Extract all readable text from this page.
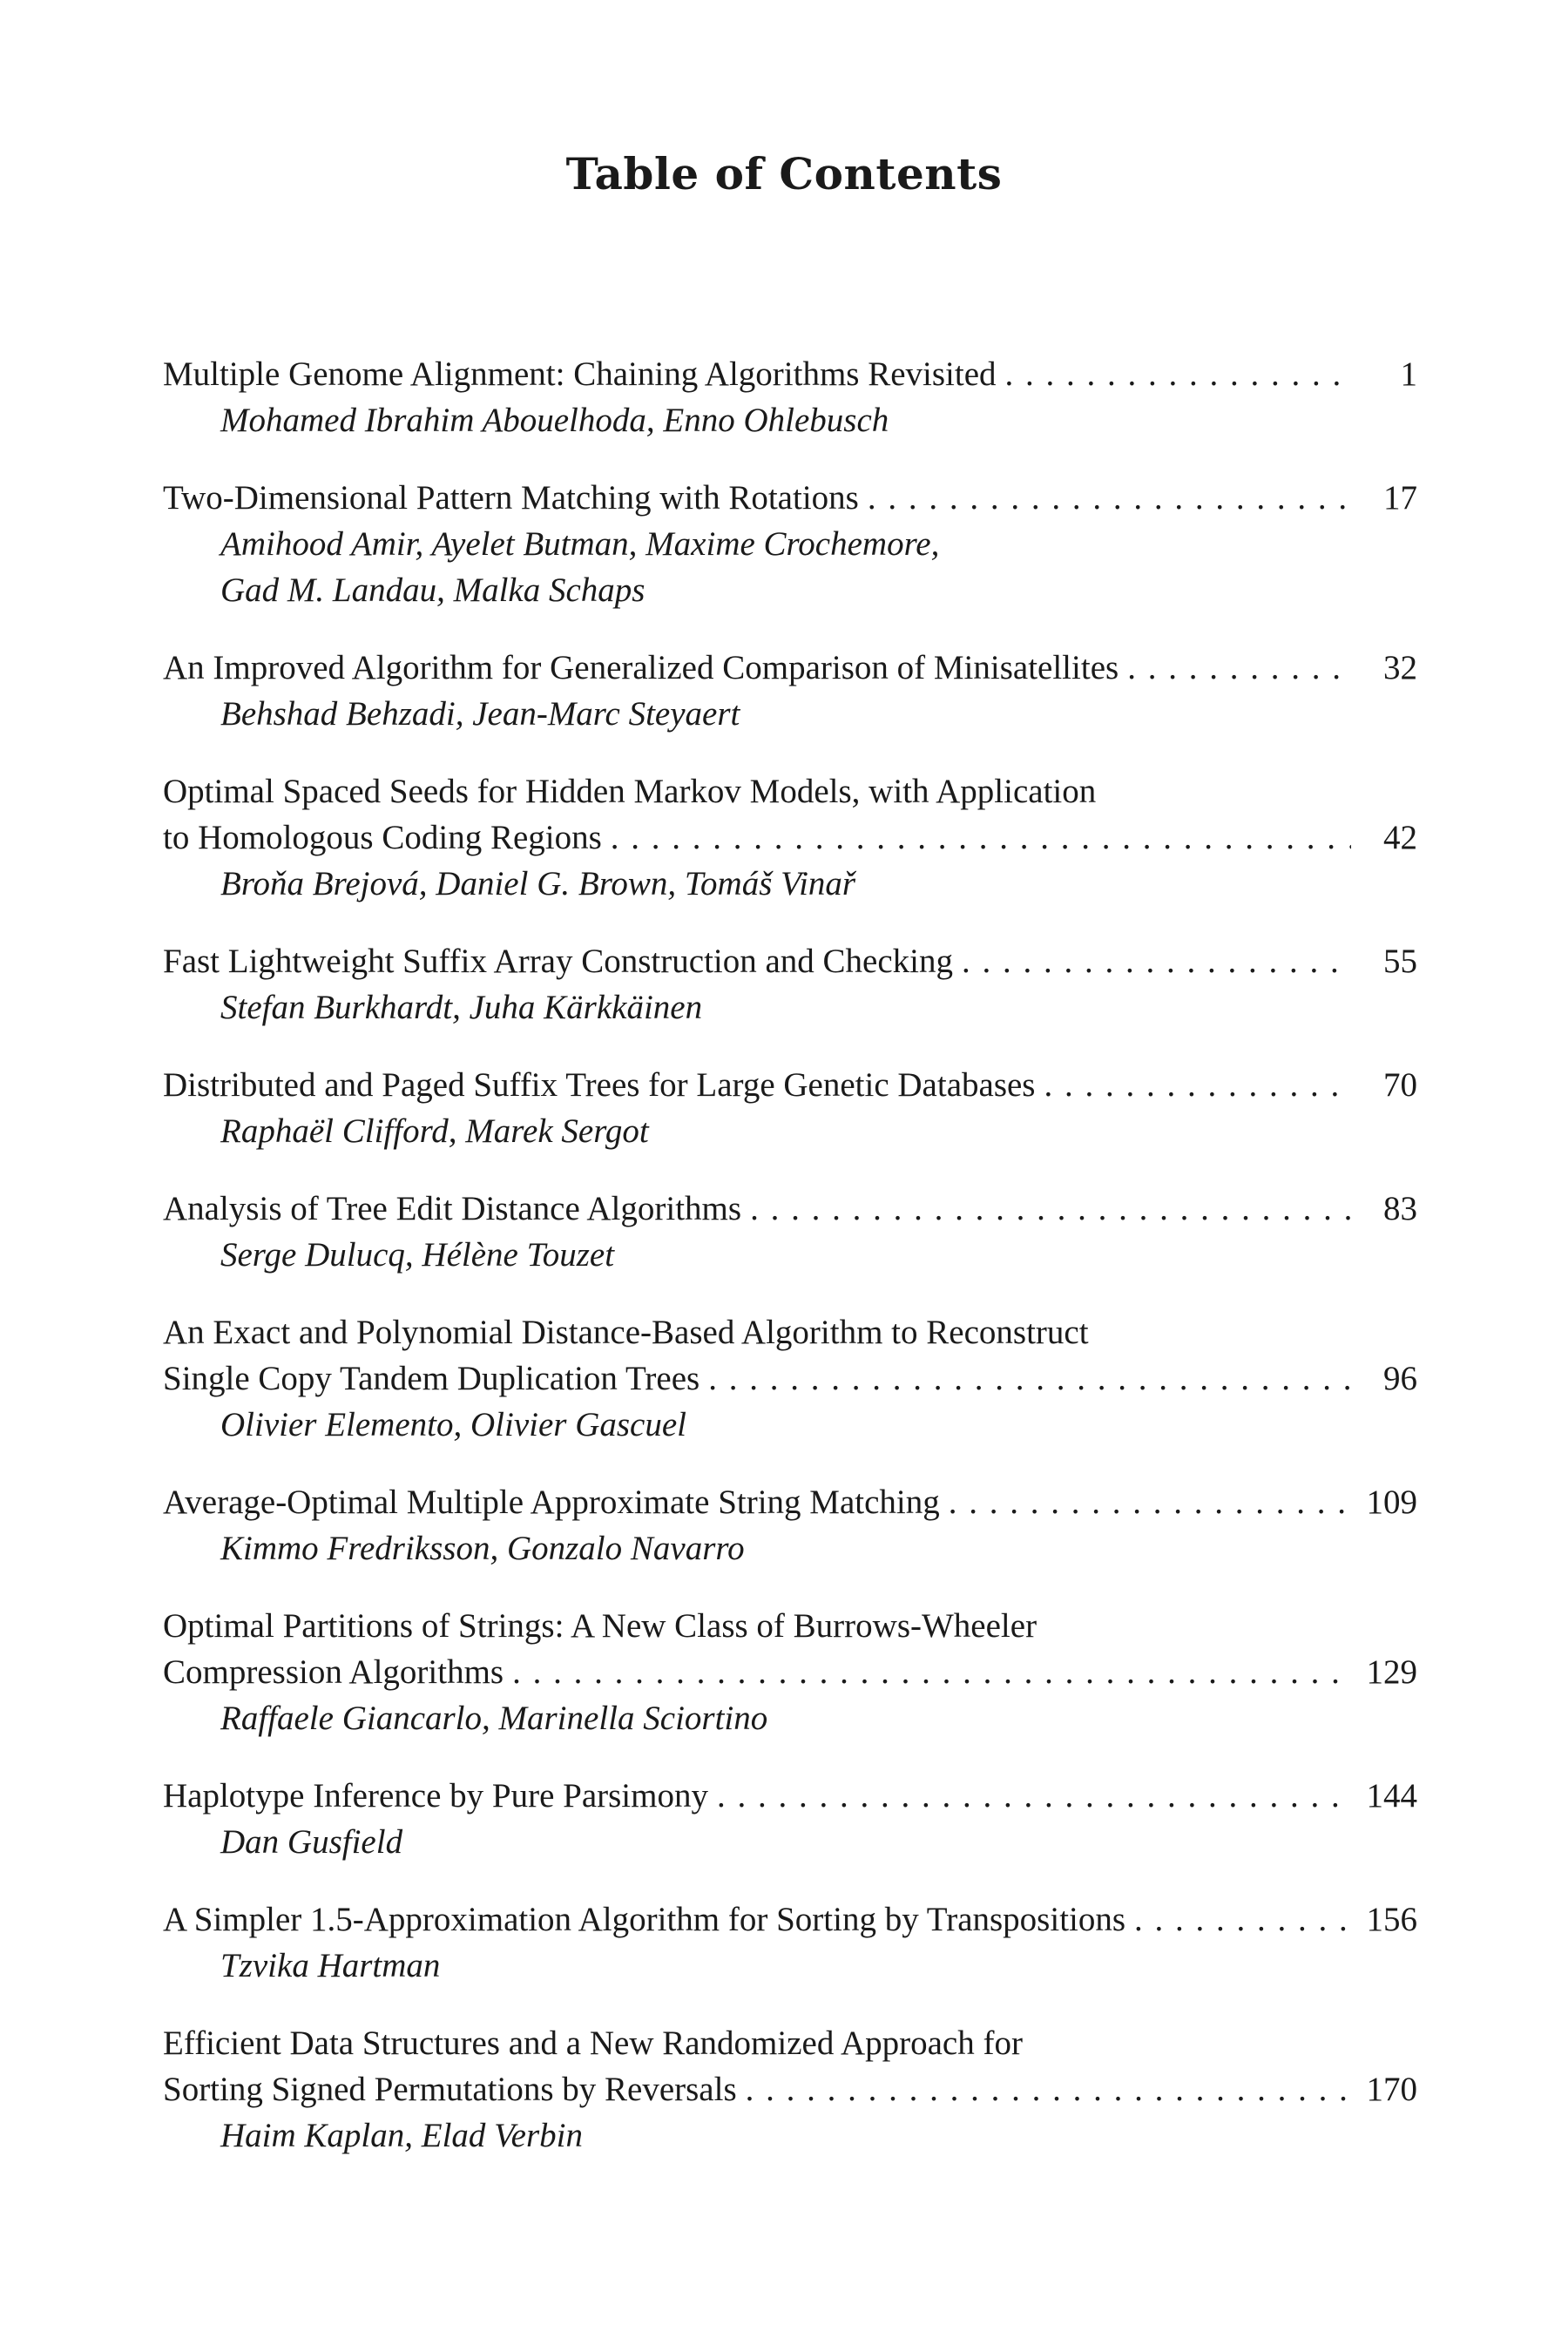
Table of Contents
Multiple Genome Alignment: Chaining Algorithms Revisited . . .	1
Mohamed Ibrahim Abouelhoda, Enno Ohlebusch
Two-Dimensional Pattern Matching with Rotations . . .	17
Amihood Amir, Ayelet Butman, Maxime Crochemore,
Gad M. Landau, Malka Schaps
An Improved Algorithm for Generalized Comparison of Minisatellites . . .	32
Behshad Behzadi, Jean-Marc Steyaert
Optimal Spaced Seeds for Hidden Markov Models, with Application
to Homologous Coding Regions . . .	42
Broňa Brejová, Daniel G. Brown, Tomáš Vinař
Fast Lightweight Suffix Array Construction and Checking . . .	55
Stefan Burkhardt, Juha Kärkkäinen
Distributed and Paged Suffix Trees for Large Genetic Databases . . .	70
Raphaël Clifford, Marek Sergot
Analysis of Tree Edit Distance Algorithms . . .	83
Serge Dulucq, Hélène Touzet
An Exact and Polynomial Distance-Based Algorithm to Reconstruct
Single Copy Tandem Duplication Trees . . .	96
Olivier Elemento, Olivier Gascuel
Average-Optimal Multiple Approximate String Matching . . .	109
Kimmo Fredriksson, Gonzalo Navarro
Optimal Partitions of Strings: A New Class of Burrows-Wheeler
Compression Algorithms . . .	129
Raffaele Giancarlo, Marinella Sciortino
Haplotype Inference by Pure Parsimony . . .	144
Dan Gusfield
A Simpler 1.5-Approximation Algorithm for Sorting by Transpositions . . .	156
Tzvika Hartman
Efficient Data Structures and a New Randomized Approach for
Sorting Signed Permutations by Reversals . . .	170
Haim Kaplan, Elad Verbin
